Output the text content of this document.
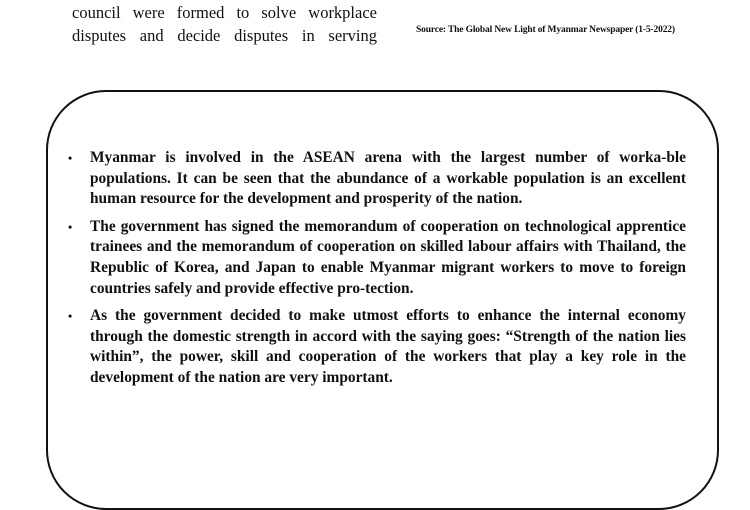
council were formed to solve workplace
disputes and decide disputes in serving	Source: The Global New Light of Myanmar Newspaper (1-5-2022)
• Myanmar is involved in the ASEAN arena with the largest number of worka-ble populations. It can be seen that the abundance of a workable population is an excellent human resource for the development and prosperity of the nation.
• The government has signed the memorandum of cooperation on technological apprentice trainees and the memorandum of cooperation on skilled labour affairs with Thailand, the Republic of Korea, and Japan to enable Myanmar migrant workers to move to foreign countries safely and provide effective pro-tection.
• As the government decided to make utmost efforts to enhance the internal economy through the domestic strength in accord with the saying goes: “Strength of the nation lies within”, the power, skill and cooperation of the workers that play a key role in the development of the nation are very important.
